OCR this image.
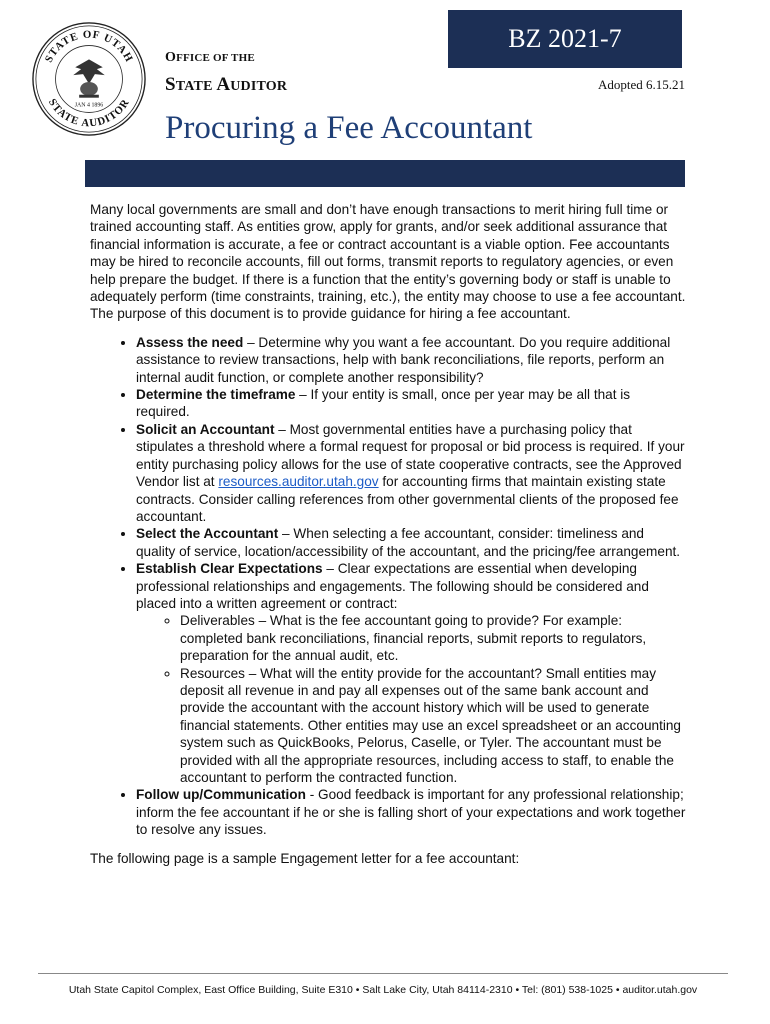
STATE OF UTAH
STATE AUDITOR
JAN 4 1896
OFFICE OF THE
STATE AUDITOR
BZ 2021-7
Adopted 6.15.21
Procuring a Fee Accountant

Many local governments are small and don’t have enough transactions to merit hiring full time or trained accounting staff. As entities grow, apply for grants, and/or seek additional assurance that financial information is accurate, a fee or contract accountant is a viable option. Fee accountants may be hired to reconcile accounts, fill out forms, transmit reports to regulatory agencies, or even help prepare the budget. If there is a function that the entity’s governing body or staff is unable to adequately perform (time constraints, training, etc.), the entity may choose to use a fee accountant. The purpose of this document is to provide guidance for hiring a fee accountant.

• Assess the need – Determine why you want a fee accountant. Do you require additional assistance to review transactions, help with bank reconciliations, file reports, perform an internal audit function, or complete another responsibility?
• Determine the timeframe – If your entity is small, once per year may be all that is required.
• Solicit an Accountant – Most governmental entities have a purchasing policy that stipulates a threshold where a formal request for proposal or bid process is required. If your entity purchasing policy allows for the use of state cooperative contracts, see the Approved Vendor list at resources.auditor.utah.gov for accounting firms that maintain existing state contracts. Consider calling references from other governmental clients of the proposed fee accountant.
• Select the Accountant – When selecting a fee accountant, consider: timeliness and quality of service, location/accessibility of the accountant, and the pricing/fee arrangement.
• Establish Clear Expectations – Clear expectations are essential when developing professional relationships and engagements. The following should be considered and placed into a written agreement or contract:
◦ Deliverables – What is the fee accountant going to provide? For example: completed bank reconciliations, financial reports, submit reports to regulators, preparation for the annual audit, etc.
◦ Resources – What will the entity provide for the accountant? Small entities may deposit all revenue in and pay all expenses out of the same bank account and provide the accountant with the account history which will be used to generate financial statements. Other entities may use an excel spreadsheet or an accounting system such as QuickBooks, Pelorus, Caselle, or Tyler. The accountant must be provided with all the appropriate resources, including access to staff, to enable the accountant to perform the contracted function.
• Follow up/Communication - Good feedback is important for any professional relationship; inform the fee accountant if he or she is falling short of your expectations and work together to resolve any issues.

The following page is a sample Engagement letter for a fee accountant:

Utah State Capitol Complex, East Office Building, Suite E310 • Salt Lake City, Utah 84114-2310 • Tel: (801) 538-1025 • auditor.utah.gov
